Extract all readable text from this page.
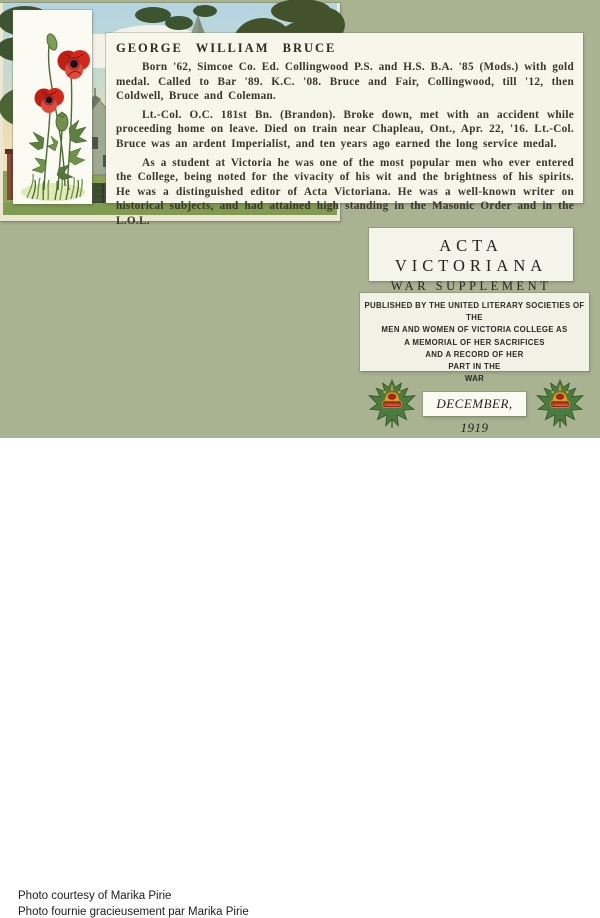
GEORGE WILLIAM BRUCE

Born '62, Simcoe Co. Ed. Collingwood P.S. and H.S. B.A. '85 (Mods.) with gold medal. Called to Bar '89. K.C. '08. Bruce and Fair, Collingwood, till '12, then Coldwell, Bruce and Coleman.

Lt.-Col. O.C. 181st Bn. (Brandon). Broke down, met with an accident while proceeding home on leave. Died on train near Chapleau, Ont., Apr. 22, '16. Lt.-Col. Bruce was an ardent Imperialist, and ten years ago earned the long service medal.

As a student at Victoria he was one of the most popular men who ever entered the College, being noted for the vivacity of his wit and the brightness of his spirits. He was a distinguished editor of Acta Victoriana. He was a well-known writer on historical subjects, and had attained high standing in the Masonic Order and in the L.O.L.

ACTA VICTORIANA
WAR SUPPLEMENT
PUBLISHED BY THE UNITED LITERARY SOCIETIES OF THE
MEN AND WOMEN OF VICTORIA COLLEGE AS
A MEMORIAL OF HER SACRIFICES
AND A RECORD OF HER
PART IN THE
WAR
CANADA	CANADA
DECEMBER, 1919
Photo courtesy of Marika Pirie
Photo fournie gracieusement par Marika Pirie
